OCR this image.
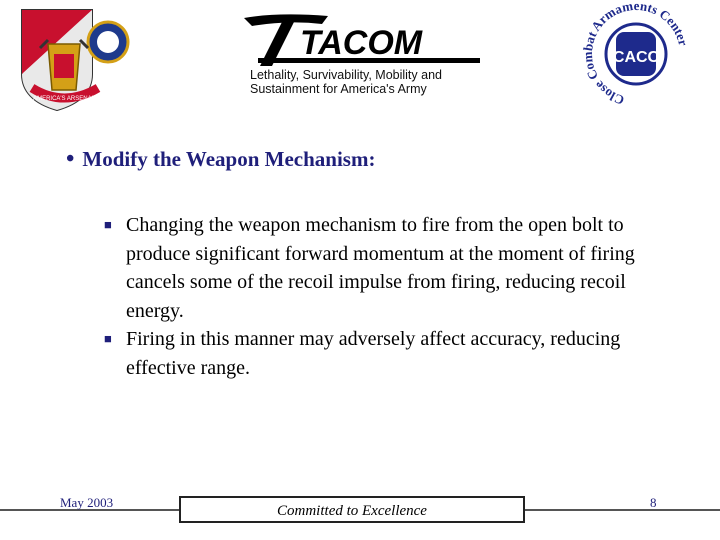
AMERICA'S ARSENAL
TACOM
Lethality, Survivability, Mobility and Sustainment for America's Army
CACC
Close Combat Armaments Center
• Modify the Weapon Mechanism:
■ Changing the weapon mechanism to fire from the open bolt to produce significant forward momentum at the moment of firing cancels some of the recoil impulse from firing, reducing recoil energy.
■ Firing in this manner may adversely affect accuracy, reducing effective range.
May 2003
Committed to Excellence
8
